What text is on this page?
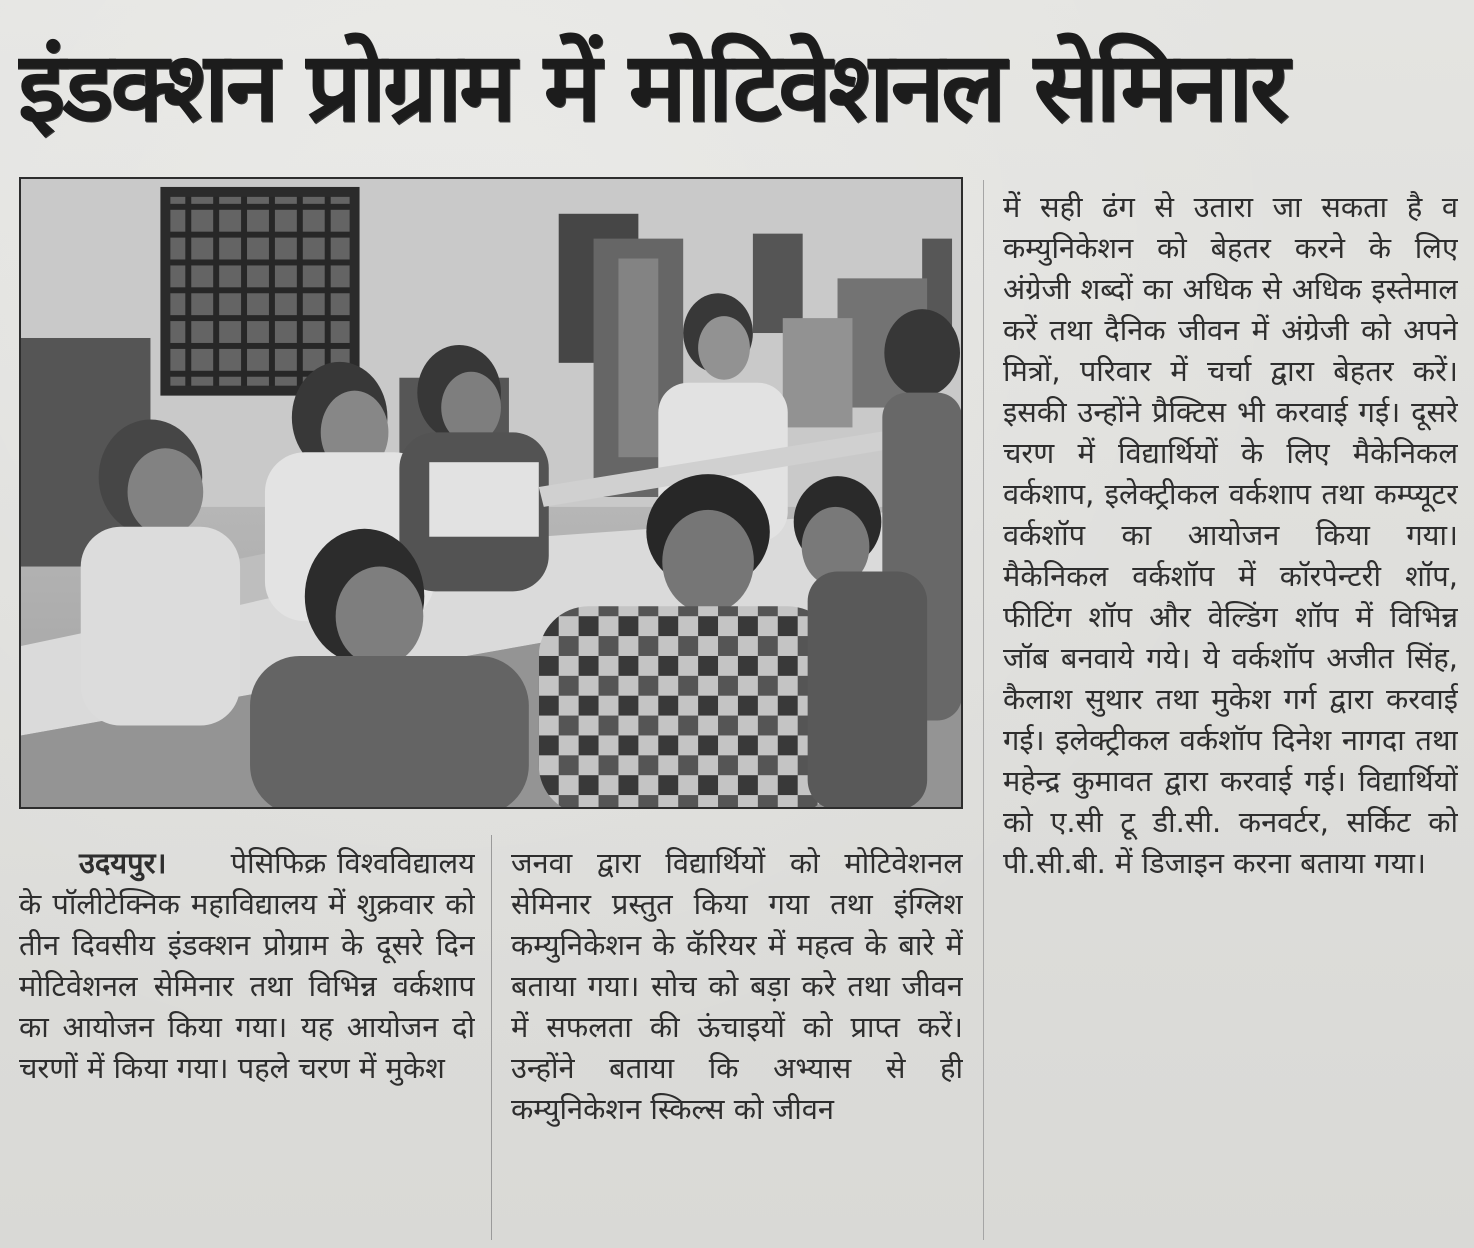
इंडक्शन प्रोग्राम में मोटिवेशनल सेमिनार

में सही ढंग से उतारा जा सकता है व कम्युनिकेशन को बेहतर करने के लिए अंग्रेजी शब्दों का अधिक से अधिक इस्तेमाल करें तथा दैनिक जीवन में अंग्रेजी को अपने मित्रों, परिवार में चर्चा द्वारा बेहतर करें। इसकी उन्होंने प्रैक्टिस भी करवाई गई। दूसरे चरण में विद्यार्थियों के लिए मैकेनिकल वर्कशाप, इलेक्ट्रीकल वर्कशाप तथा कम्प्यूटर वर्कशॉप का आयोजन किया गया। मैकेनिकल वर्कशॉप में कॉरपेन्टरी शॉप, फीटिंग शॉप और वेल्डिंग शॉप में विभिन्न जॉब बनवाये गये। ये वर्कशॉप अजीत सिंह, कैलाश सुथार तथा मुकेश गर्ग द्वारा करवाई गई। इलेक्ट्रीकल वर्कशॉप दिनेश नागदा तथा महेन्द्र कुमावत द्वारा करवाई गई। विद्यार्थियों को ए.सी टू डी.सी. कनवर्टर, सर्किट को पी.सी.बी. में डिजाइन करना बताया गया।

उदयपुर। पेसिफिक्र विश्वविद्यालय के पॉलीटेक्निक महाविद्यालय में शुक्रवार को तीन दिवसीय इंडक्शन प्रोग्राम के दूसरे दिन मोटिवेशनल सेमिनार तथा विभिन्न वर्कशाप का आयोजन किया गया। यह आयोजन दो चरणों में किया गया। पहले चरण में मुकेश

जनवा द्वारा विद्यार्थियों को मोटिवेशनल सेमिनार प्रस्तुत किया गया तथा इंग्लिश कम्युनिकेशन के कॅरियर में महत्व के बारे में बताया गया। सोच को बड़ा करे तथा जीवन में सफलता की ऊंचाइयों को प्राप्त करें। उन्होंने बताया कि अभ्यास से ही कम्युनिकेशन स्किल्स को जीवन
